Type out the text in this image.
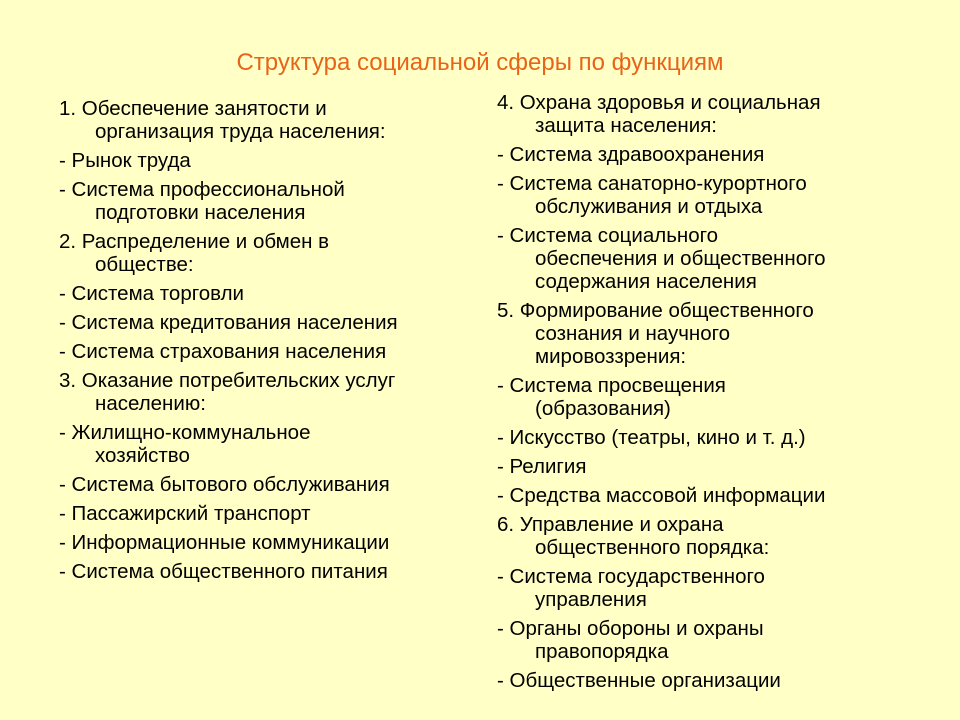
Структура социальной сферы по функциям
1. Обеспечение занятости и
организация труда населения:
- Рынок труда
- Система профессиональной
подготовки населения
2. Распределение и обмен в
обществе:
- Система торговли
- Система кредитования населения
- Система страхования населения
3. Оказание потребительских услуг
населению:
- Жилищно-коммунальное
хозяйство
- Система бытового обслуживания
- Пассажирский транспорт
- Информационные коммуникации
- Система общественного питания
4. Охрана здоровья и социальная
защита населения:
- Система здравоохранения
- Система санаторно-курортного
обслуживания и отдыха
- Система социального
обеспечения и общественного
содержания населения
5. Формирование общественного
сознания и научного
мировоззрения:
- Система просвещения
(образования)
- Искусство (театры, кино и т. д.)
- Религия
- Средства массовой информации
6. Управление и охрана
общественного порядка:
- Система государственного
управления
- Органы обороны и охраны
правопорядка
- Общественные организации
